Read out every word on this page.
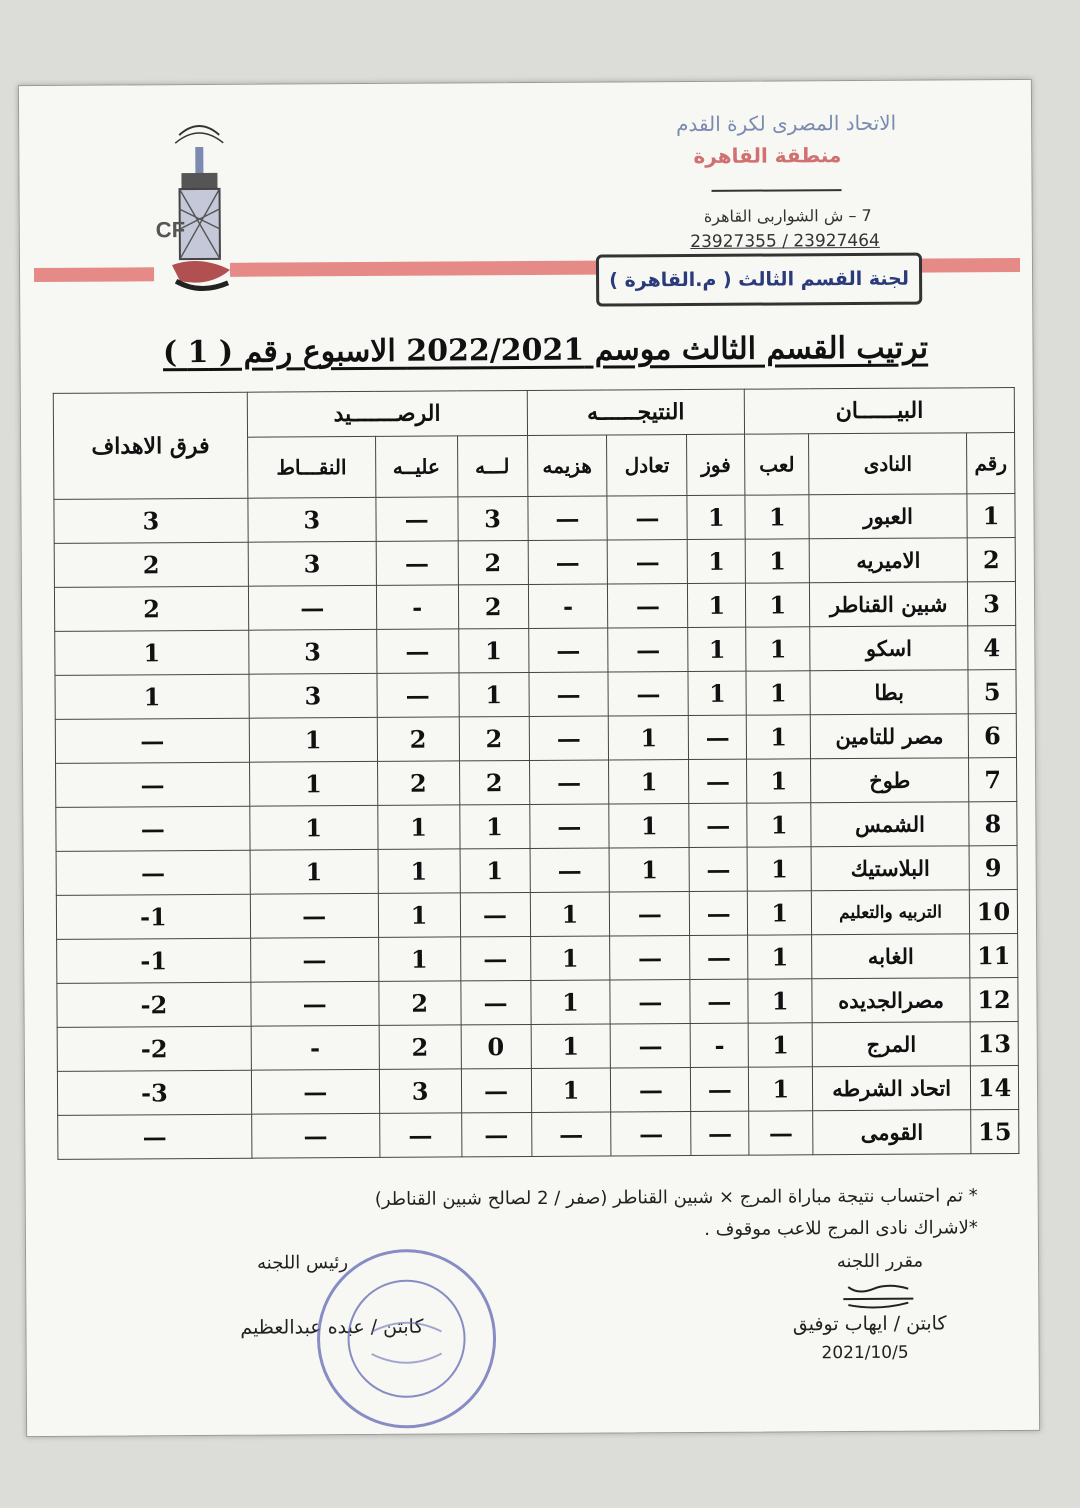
CF
الاتحاد المصرى لكرة القدم
منطقة القاهرة
7 – ش الشواربى القاهرة
23927355 / 23927464
لجنة القسم الثالث ( م.القاهرة )
ترتيب القسم الثالث موسم 2022/2021 الاسبوع رقم ( 1 )
البيــــــان			النتيجــــــه			الرصـــــــيد			فرق الاهداف
رقم	النادى	لعب	فوز	تعادل	هزيمه	لـــه	عليــه	النقـــاط	
1	العبور	1	1	—	—	3	—	3	3
2	الاميريه	1	1	—	—	2	—	3	2
3	شبين القناطر	1	1	—	-	2	-	—	2
4	اسكو	1	1	—	—	1	—	3	1
5	بطا	1	1	—	—	1	—	3	1
6	مصر للتامين	1	—	1	—	2	2	1	—
7	طوخ	1	—	1	—	2	2	1	—
8	الشمس	1	—	1	—	1	1	1	—
9	البلاستيك	1	—	1	—	1	1	1	—
10	التربيه والتعليم	1	—	—	1	—	1	—	1-
11	الغابه	1	—	—	1	—	1	—	1-
12	مصرالجديده	1	—	—	1	—	2	—	2-
13	المرج	1	-	—	1	0	2	-	2-
14	اتحاد الشرطه	1	—	—	1	—	3	—	3-
15	القومى	—	—	—	—	—	—	—	—
* تم احتساب نتيجة مباراة المرج × شبين القناطر (صفر / 2 لصالح شبين القناطر)
*لاشراك نادى المرج للاعب موقوف .
مقرر اللجنه
كابتن / ايهاب توفيق
2021/10/5
رئيس اللجنه
كابتن / عبده عبدالعظيم
